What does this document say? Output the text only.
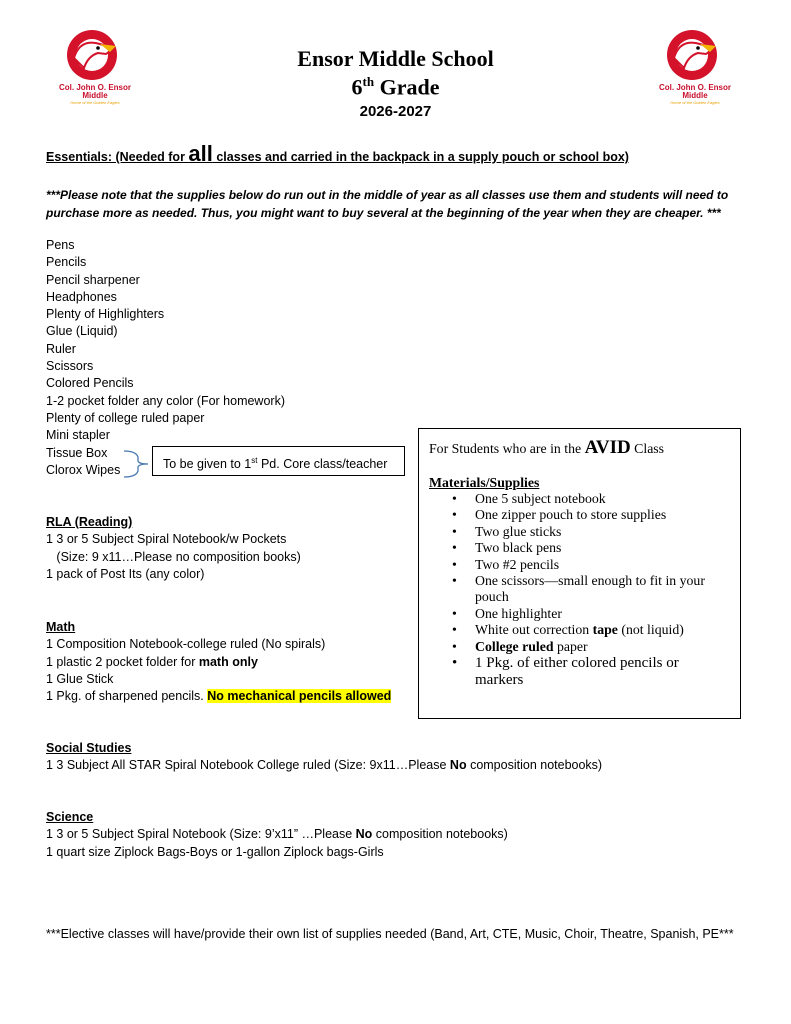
Col. John O. Ensor
Middle
Home of the Golden Eagles
Col. John O. Ensor
Middle
Home of the Golden Eagles
Ensor Middle School
6th Grade
2026-2027
Essentials: (Needed for all classes and carried in the backpack in a supply pouch or school box)
***Please note that the supplies below do run out in the middle of year as all classes use them and students will need to purchase more as needed. Thus, you might want to buy several at the beginning of the year when they are cheaper. ***
Pens
Pencils
Pencil sharpener
Headphones
Plenty of Highlighters
Glue (Liquid)
Ruler
Scissors
Colored Pencils
1-2 pocket folder any color (For homework)
Plenty of college ruled paper
Mini stapler
Tissue Box
Clorox Wipes	To be given to 1st Pd. Core class/teacher
For Students who are in the AVID Class
Materials/Supplies
• One 5 subject notebook
• One zipper pouch to store supplies
• Two glue sticks
• Two black pens
• Two #2 pencils
• One scissors—small enough to fit in your pouch
• One highlighter
• White out correction tape (not liquid)
• College ruled paper
• 1 Pkg. of either colored pencils or markers
RLA (Reading)
1 3 or 5 Subject Spiral Notebook/w Pockets
(Size: 9 x11…Please no composition books)
1 pack of Post Its (any color)
Math
1 Composition Notebook-college ruled (No spirals)
1 plastic 2 pocket folder for math only
1 Glue Stick
1 Pkg. of sharpened pencils. No mechanical pencils allowed
Social Studies
1 3 Subject All STAR Spiral Notebook College ruled (Size: 9x11…Please No composition notebooks)
Science
1 3 or 5 Subject Spiral Notebook (Size: 9’x11” …Please No composition notebooks)
1 quart size Ziplock Bags-Boys or 1-gallon Ziplock bags-Girls
***Elective classes will have/provide their own list of supplies needed (Band, Art, CTE, Music, Choir, Theatre, Spanish, PE***
